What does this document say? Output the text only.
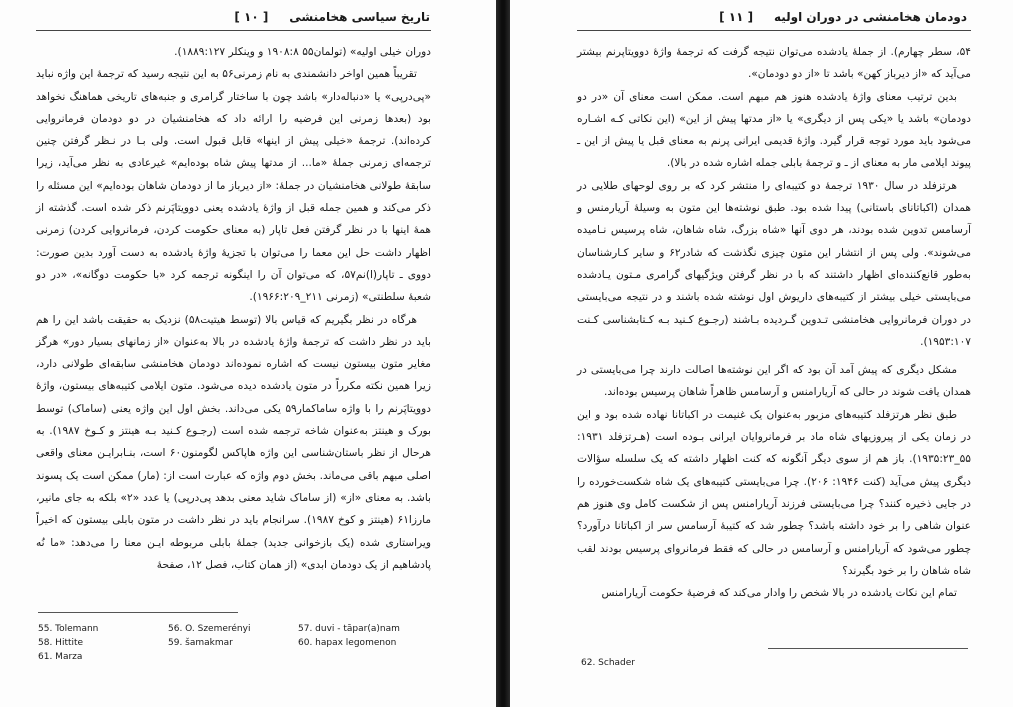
تاریخ سیاسی هخامنشی     [ ۱۰ ]

دوران خیلی اولیه» (تولمان۵۵ ۱۹۰۸:۸ و وینکلر ۱۸۸۹:۱۲۷).

تقریباً همین اواخر دانشمندی به نام زمرنی۵۶ به این نتیجه رسید که ترجمهٔ این واژه نباید «پی‌درپی» یا «دنباله‌دار» باشد چون با ساختار گرامری و جنبه‌های تاریخی هماهنگ نخواهد بود (بعدها زمرنی این فرضیه را ارائه داد که هخامنشیان در دو دودمان فرمانروایی کرده‌اند). ترجمهٔ «خیلی پیش از اینها» قابل قبول است. ولی بـا در نـظر گرفتن چنین ترجمه‌ای زمرنی جملهٔ «ما... از مدتها پیش شاه بوده‌ایم» غیرعادی به نظر می‌آید، زیرا سابقهٔ طولانی هخامنشیان در جملهٔ: «از دیرباز ما از دودمان شاهان بوده‌ایم» این مسئله را ذکر می‌کند و همین جمله قبل از واژهٔ یادشده یعنی دوویتاپَرنم ذکر شده است. گذشته از همهٔ اینها با در نظر گرفتن فعل تاپار (به معنای حکومت کردن، فرمانروایی کردن) زمرنی اظهار داشت حل این معما را می‌توان با تجزیهٔ واژهٔ یادشده به دست آورد بدین صورت: دووی ـ تاپار(ا)نم۵۷، که می‌توان آن را اینگونه ترجمه کرد «با حکومت دوگانه»، «در دو شعبهٔ سلطنتی» (زمرنی ۲۱۱_۱۹۶۶:۲۰۹).

هرگاه در نظر بگیریم که قیاس بالا (توسط هیتیت۵۸) نزدیک به حقیقت باشد این را هم باید در نظر داشت که ترجمهٔ واژهٔ یادشده در بالا به‌عنوان «از زمانهای بسیار دور» هرگز مغایر متون بیستون نیست که اشاره نموده‌اند دودمان هخامنشی سابقه‌ای طولانی دارد، زیرا همین نکته مکرراً در متون یادشده دیده می‌شود. متون ایلامی کتیبه‌های بیستون، واژهٔ دوویتاپَرنم را با واژه ساماکمار۵۹ یکی می‌داند. بخش اول این واژه یعنی (ساماک) توسط بورک و هینتز به‌عنوان شاخه ترجمه شده است (رجـوع کـنید بـه هینتز و کـوخ ۱۹۸۷). به هرحال از نظر باستان‌شناسی این واژه هاپاکس لگومنون۶۰ است، بنـابرایـن معنای واقعی اصلی مبهم باقی می‌ماند. بخش دوم واژه که عبارت است از: (مار) ممکن است یک پسوند باشد. به معنای «از» (از ساماک شاید معنی بدهد پی‌درپی) یا عدد «۲» بلکه به جای مانیر، مارزا۶۱ (هینتز و کوخ ۱۹۸۷). سرانجام باید در نظر داشت در متون بابلی بیستون که اخیراً ویراستاری شده (یک بازخوانی جدید) جملهٔ بابلی مربوطه ایـن معنا را می‌دهد: «ما نُه پادشاهیم از یک دودمان ابدی» (از همان کتاب، فصل ۱۲، صفحهٔ

55. Tolemann	56. O. Szemerényi	57. duvi - tāpar(a)nam
58. Hittite	59. šamakmar	60. hapax legomenon
61. Marza
دودمان هخامنشی در دوران اولیه     [ ۱۱ ]

۵۴، سطر چهارم). از جملهٔ یادشده می‌توان نتیجه گرفت که ترجمهٔ واژهٔ دوویتاپرنم بیشتر می‌آید که «از دیرباز کهن» باشد تا «از دو دودمان».

بدین ترتیب معنای واژهٔ یادشده هنوز هم مبهم است. ممکن است معنای آن «در دو دودمان» باشد یا «یکی پس از دیگری» یا «از مدتها پیش از این» (این نکاتی کـه اشـاره می‌شود باید مورد توجه قرار گیرد. واژهٔ قدیمی ایرانی پرنم به معنای قبل یا پیش از این ـ پیوند ایلامی مار به معنای از ـ و ترجمهٔ بابلی جمله اشاره شده در بالا).

هرتزفلد در سال ۱۹۳۰ ترجمهٔ دو کتیبه‌ای را منتشر کرد که بر روی لوحهای طلایی در همدان (اکباتانای باستانی) پیدا شده بود. طبق نوشته‌ها این متون به وسیلهٔ آریارمنس و آرسامس تدوین شده بودند، هر دوی آنها «شاه بزرگ، شاه شاهان، شاه پرسیس نـامیده می‌شوند». ولی پس از انتشار این متون چیزی نگذشت که شادر۶۲ و سایر کـارشناسان به‌طور قانع‌کننده‌ای اظهار داشتند که با در نظر گرفتن ویژگیهای گرامری مـتون یـادشده می‌بایستی خیلی بیشتر از کتیبه‌های داریوش اول نوشته شده باشند و در نتیجه می‌بایستی در دوران فرمانروایی هخامنشی تـدوین گـردیده بـاشند (رجـوع کـنید بـه کـتابشناسی کـنت ۱۹۵۳:۱۰۷).

مشکل دیگری که پیش آمد آن بود که اگر این نوشته‌ها اصالت دارند چرا می‌بایستی در همدان یافت شوند در حالی که آریارامنس و آرسامس ظاهراً شاهان پرسیس بوده‌اند.

طبق نظر هرتزفلد کتیبه‌های مزبور به‌عنوان یک غنیمت در اکباتانا نهاده شده بود و این در زمان یکی از پیروزیهای شاه ماد بر فرمانروایان ایرانی بـوده است (هـرتزفلد ۱۹۳۱: ۵۵_۱۹۳۵:۲۳). باز هم از سوی دیگر آنگونه که کنت اظهار داشته که یک سلسله سؤالات دیگری پیش می‌آید (کنت ۱۹۴۶: ۲۰۶). چرا می‌بایستی کتیبه‌های یک شاه شکست‌خورده را در جایی ذخیره کنند؟ چرا می‌بایستی فرزند آریارامنس پس از شکست کامل وی هنوز هم عنوان شاهی را بر خود داشته باشد؟ چطور شد که کتیبهٔ آرسامس سر از اکباتانا درآورد؟ چطور می‌شود که آریارامنس و آرسامس در حالی که فقط فرمانروای پرسیس بودند لقب شاه شاهان را بر خود بگیرند؟

تمام این نکات یادشده در بالا شخص را وادار می‌کند که فرضیهٔ حکومت آریارامنس

62. Schader
